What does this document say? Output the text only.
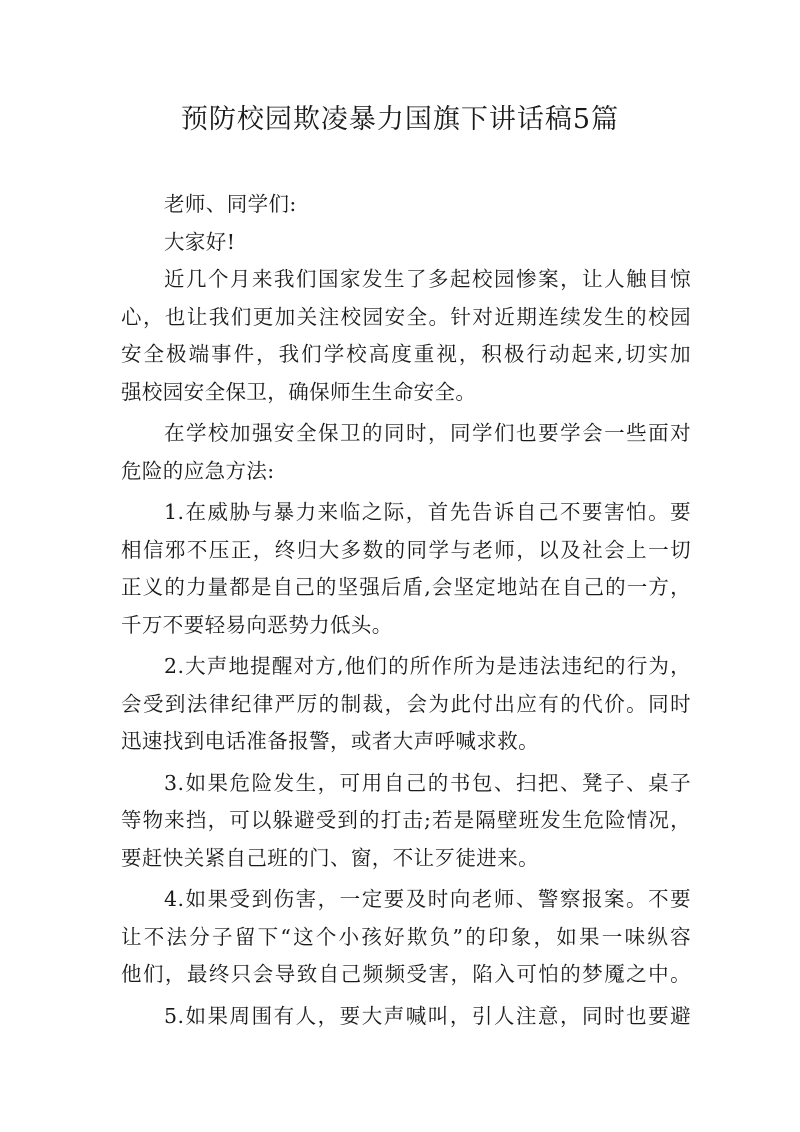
预防校园欺凌暴力国旗下讲话稿5篇
老师、同学们:
大家好!
近几个月来我们国家发生了多起校园惨案，让人触目惊
心，也让我们更加关注校园安全。针对近期连续发生的校园
安全极端事件，我们学校高度重视，积极行动起来,切实加
强校园安全保卫，确保师生生命安全。
在学校加强安全保卫的同时，同学们也要学会一些面对
危险的应急方法:
1.在威胁与暴力来临之际，首先告诉自己不要害怕。要
相信邪不压正，终归大多数的同学与老师，以及社会上一切
正义的力量都是自己的坚强后盾,会坚定地站在自己的一方，
千万不要轻易向恶势力低头。
2.大声地提醒对方,他们的所作所为是违法违纪的行为，
会受到法律纪律严厉的制裁，会为此付出应有的代价。同时
迅速找到电话准备报警，或者大声呼喊求救。
3.如果危险发生，可用自己的书包、扫把、凳子、桌子
等物来挡，可以躲避受到的打击;若是隔壁班发生危险情况，
要赶快关紧自己班的门、窗，不让歹徒进来。
4.如果受到伤害，一定要及时向老师、警察报案。不要
让不法分子留下“这个小孩好欺负”的印象，如果一味纵容
他们，最终只会导致自己频频受害，陷入可怕的梦魇之中。
5.如果周围有人，要大声喊叫，引人注意，同时也要避
